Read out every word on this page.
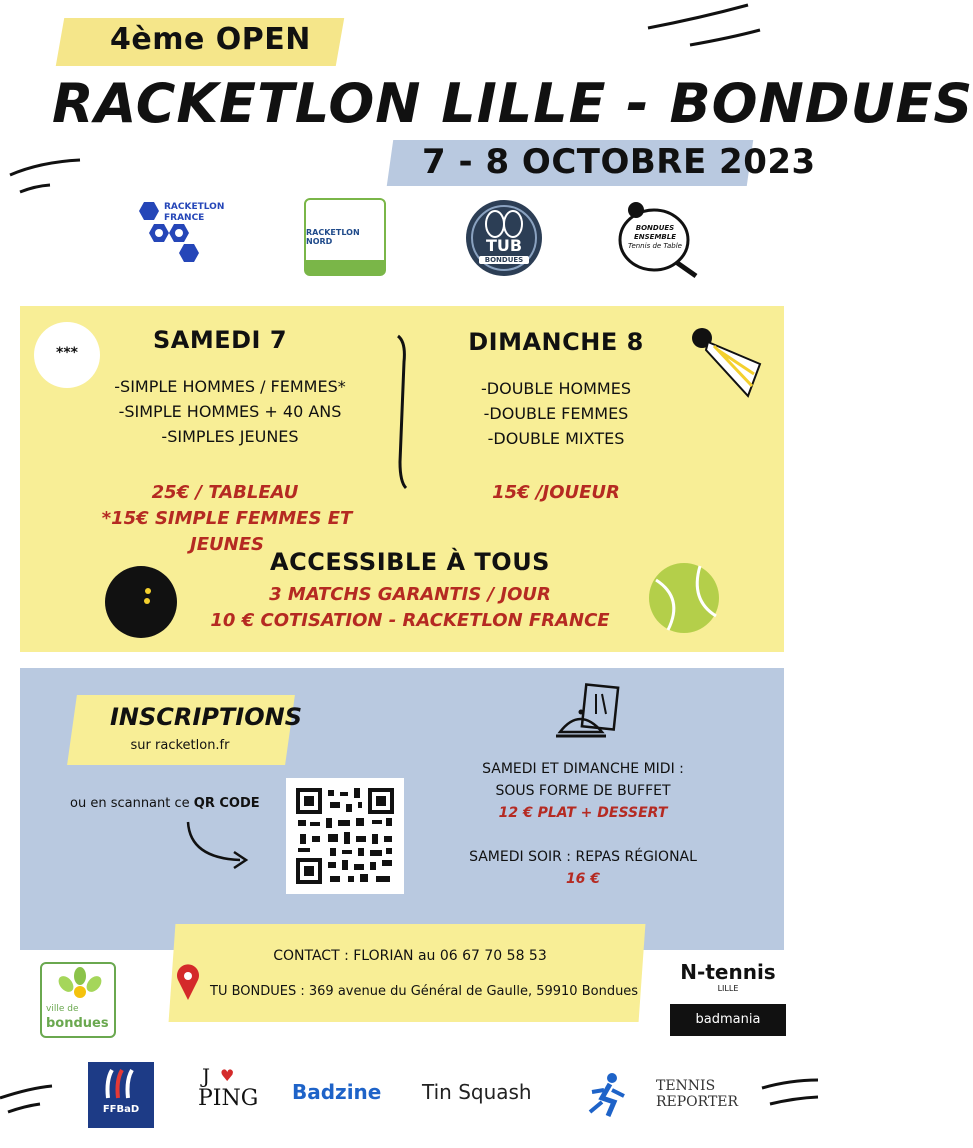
4ème OPEN
RACKETLON LILLE - BONDUES
7 - 8 OCTOBRE 2023
RACKETLON
FRANCE
RACKETLON NORD	TUB
BONDUES
BONDUES
ENSEMBLE
Tennis de Table
***	SAMEDI 7
-SIMPLE HOMMES / FEMMES*
-SIMPLE HOMMES + 40 ANS
-SIMPLES JEUNES
25€ / TABLEAU
*15€ SIMPLE FEMMES ET JEUNES
DIMANCHE 8
-DOUBLE HOMMES
-DOUBLE FEMMES
-DOUBLE MIXTES
15€ /JOUEUR
ACCESSIBLE À TOUS
3 MATCHS GARANTIS / JOUR
10 € COTISATION - RACKETLON FRANCE
INSCRIPTIONS
sur racketlon.fr
ou en scannant ce QR CODE
SAMEDI ET DIMANCHE MIDI :
SOUS FORME DE BUFFET
12 € PLAT + DESSERT
SAMEDI SOIR : REPAS RÉGIONAL
16 €
CONTACT : FLORIAN au 06 67 70 58 53
TU BONDUES : 369 avenue du Général de Gaulle, 59910 Bondues
ville de
bondues
N-tennis
LILLE
badmania
FFBaD
J ♥
PING Badzine Tin Squash	TENNIS
REPORTER
